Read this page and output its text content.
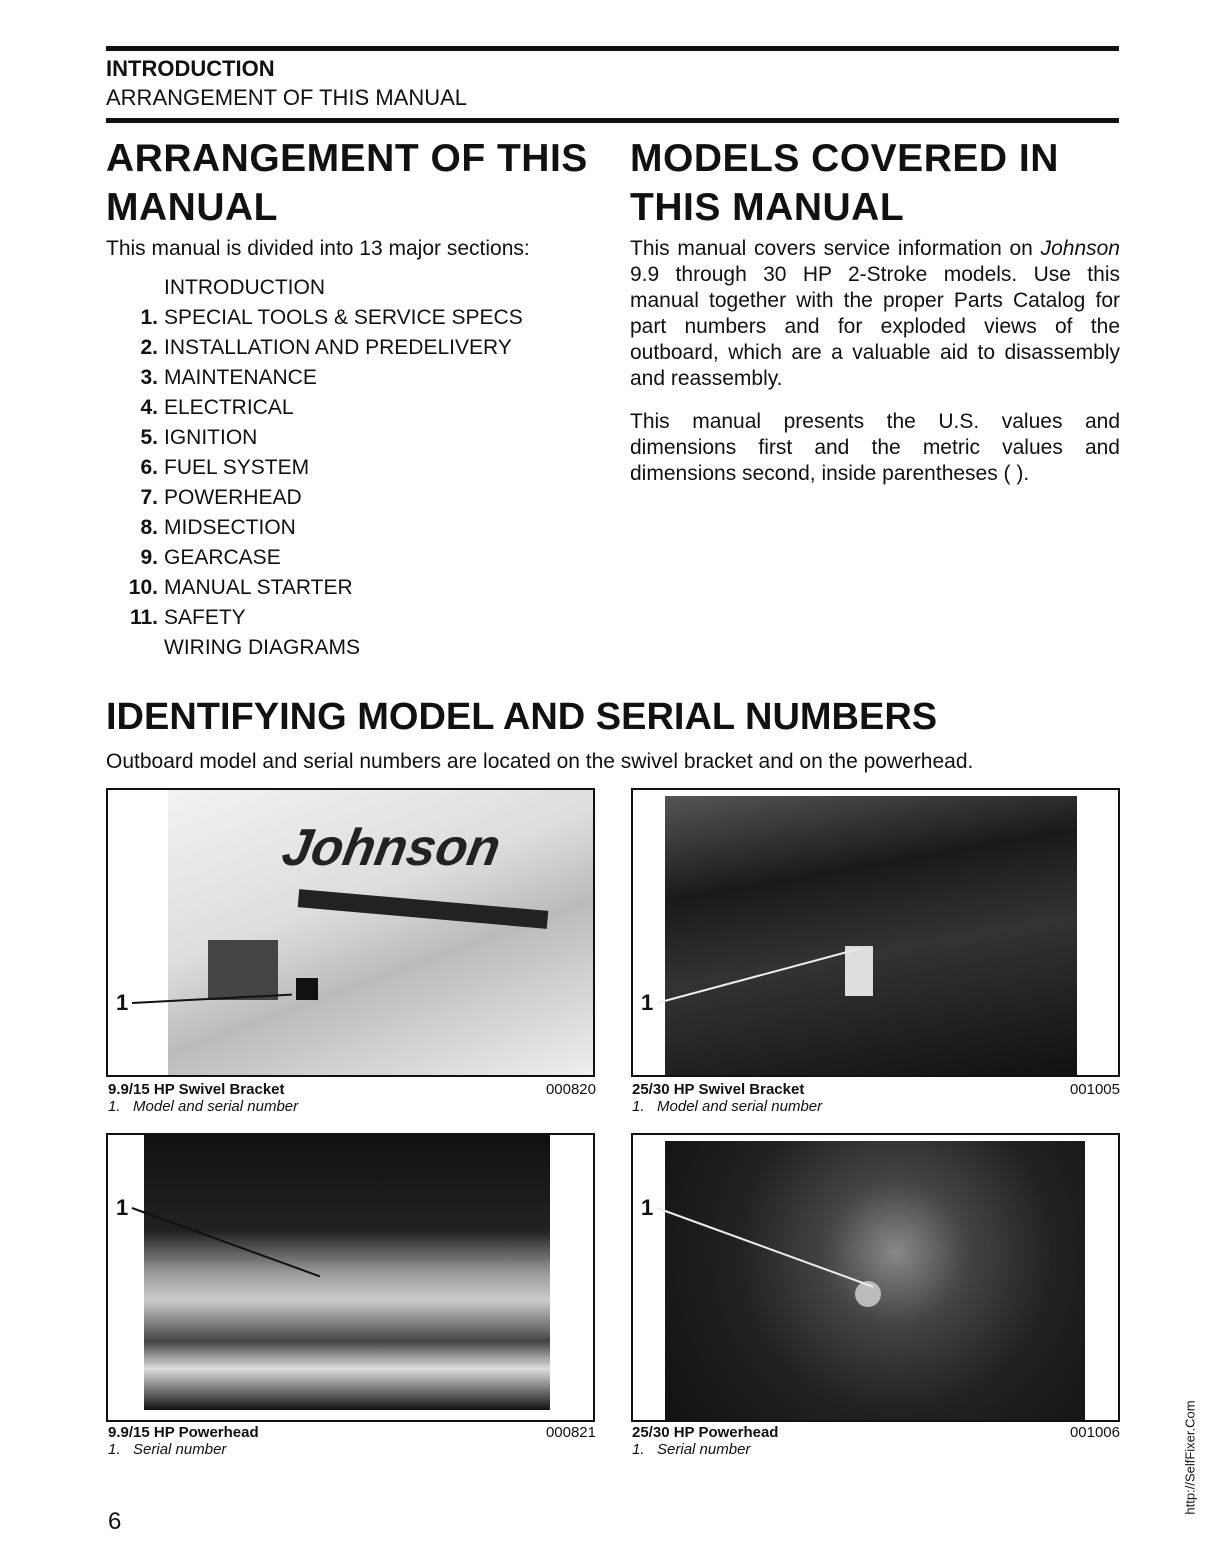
INTRODUCTION
ARRANGEMENT OF THIS MANUAL
ARRANGEMENT OF THIS MANUAL
This manual is divided into 13 major sections:
INTRODUCTION
1. SPECIAL TOOLS & SERVICE SPECS
2. INSTALLATION AND PREDELIVERY
3. MAINTENANCE
4. ELECTRICAL
5. IGNITION
6. FUEL SYSTEM
7. POWERHEAD
8. MIDSECTION
9. GEARCASE
10. MANUAL STARTER
11. SAFETY
WIRING DIAGRAMS
MODELS COVERED IN THIS MANUAL
This manual covers service information on Johnson 9.9 through 30 HP 2-Stroke models. Use this manual together with the proper Parts Catalog for part numbers and for exploded views of the outboard, which are a valuable aid to disassembly and reassembly.
This manual presents the U.S. values and dimensions first and the metric values and dimensions second, inside parentheses ( ).
IDENTIFYING MODEL AND SERIAL NUMBERS
Outboard model and serial numbers are located on the swivel bracket and on the powerhead.
Johnson
1
9.9/15 HP Swivel Bracket	000820

1. Model and serial number
1
25/30 HP Swivel Bracket	001005

1. Model and serial number
1
9.9/15 HP Powerhead	000821

1. Serial number
1
25/30 HP Powerhead	001006

1. Serial number
6
http://SelfFixer.Com
